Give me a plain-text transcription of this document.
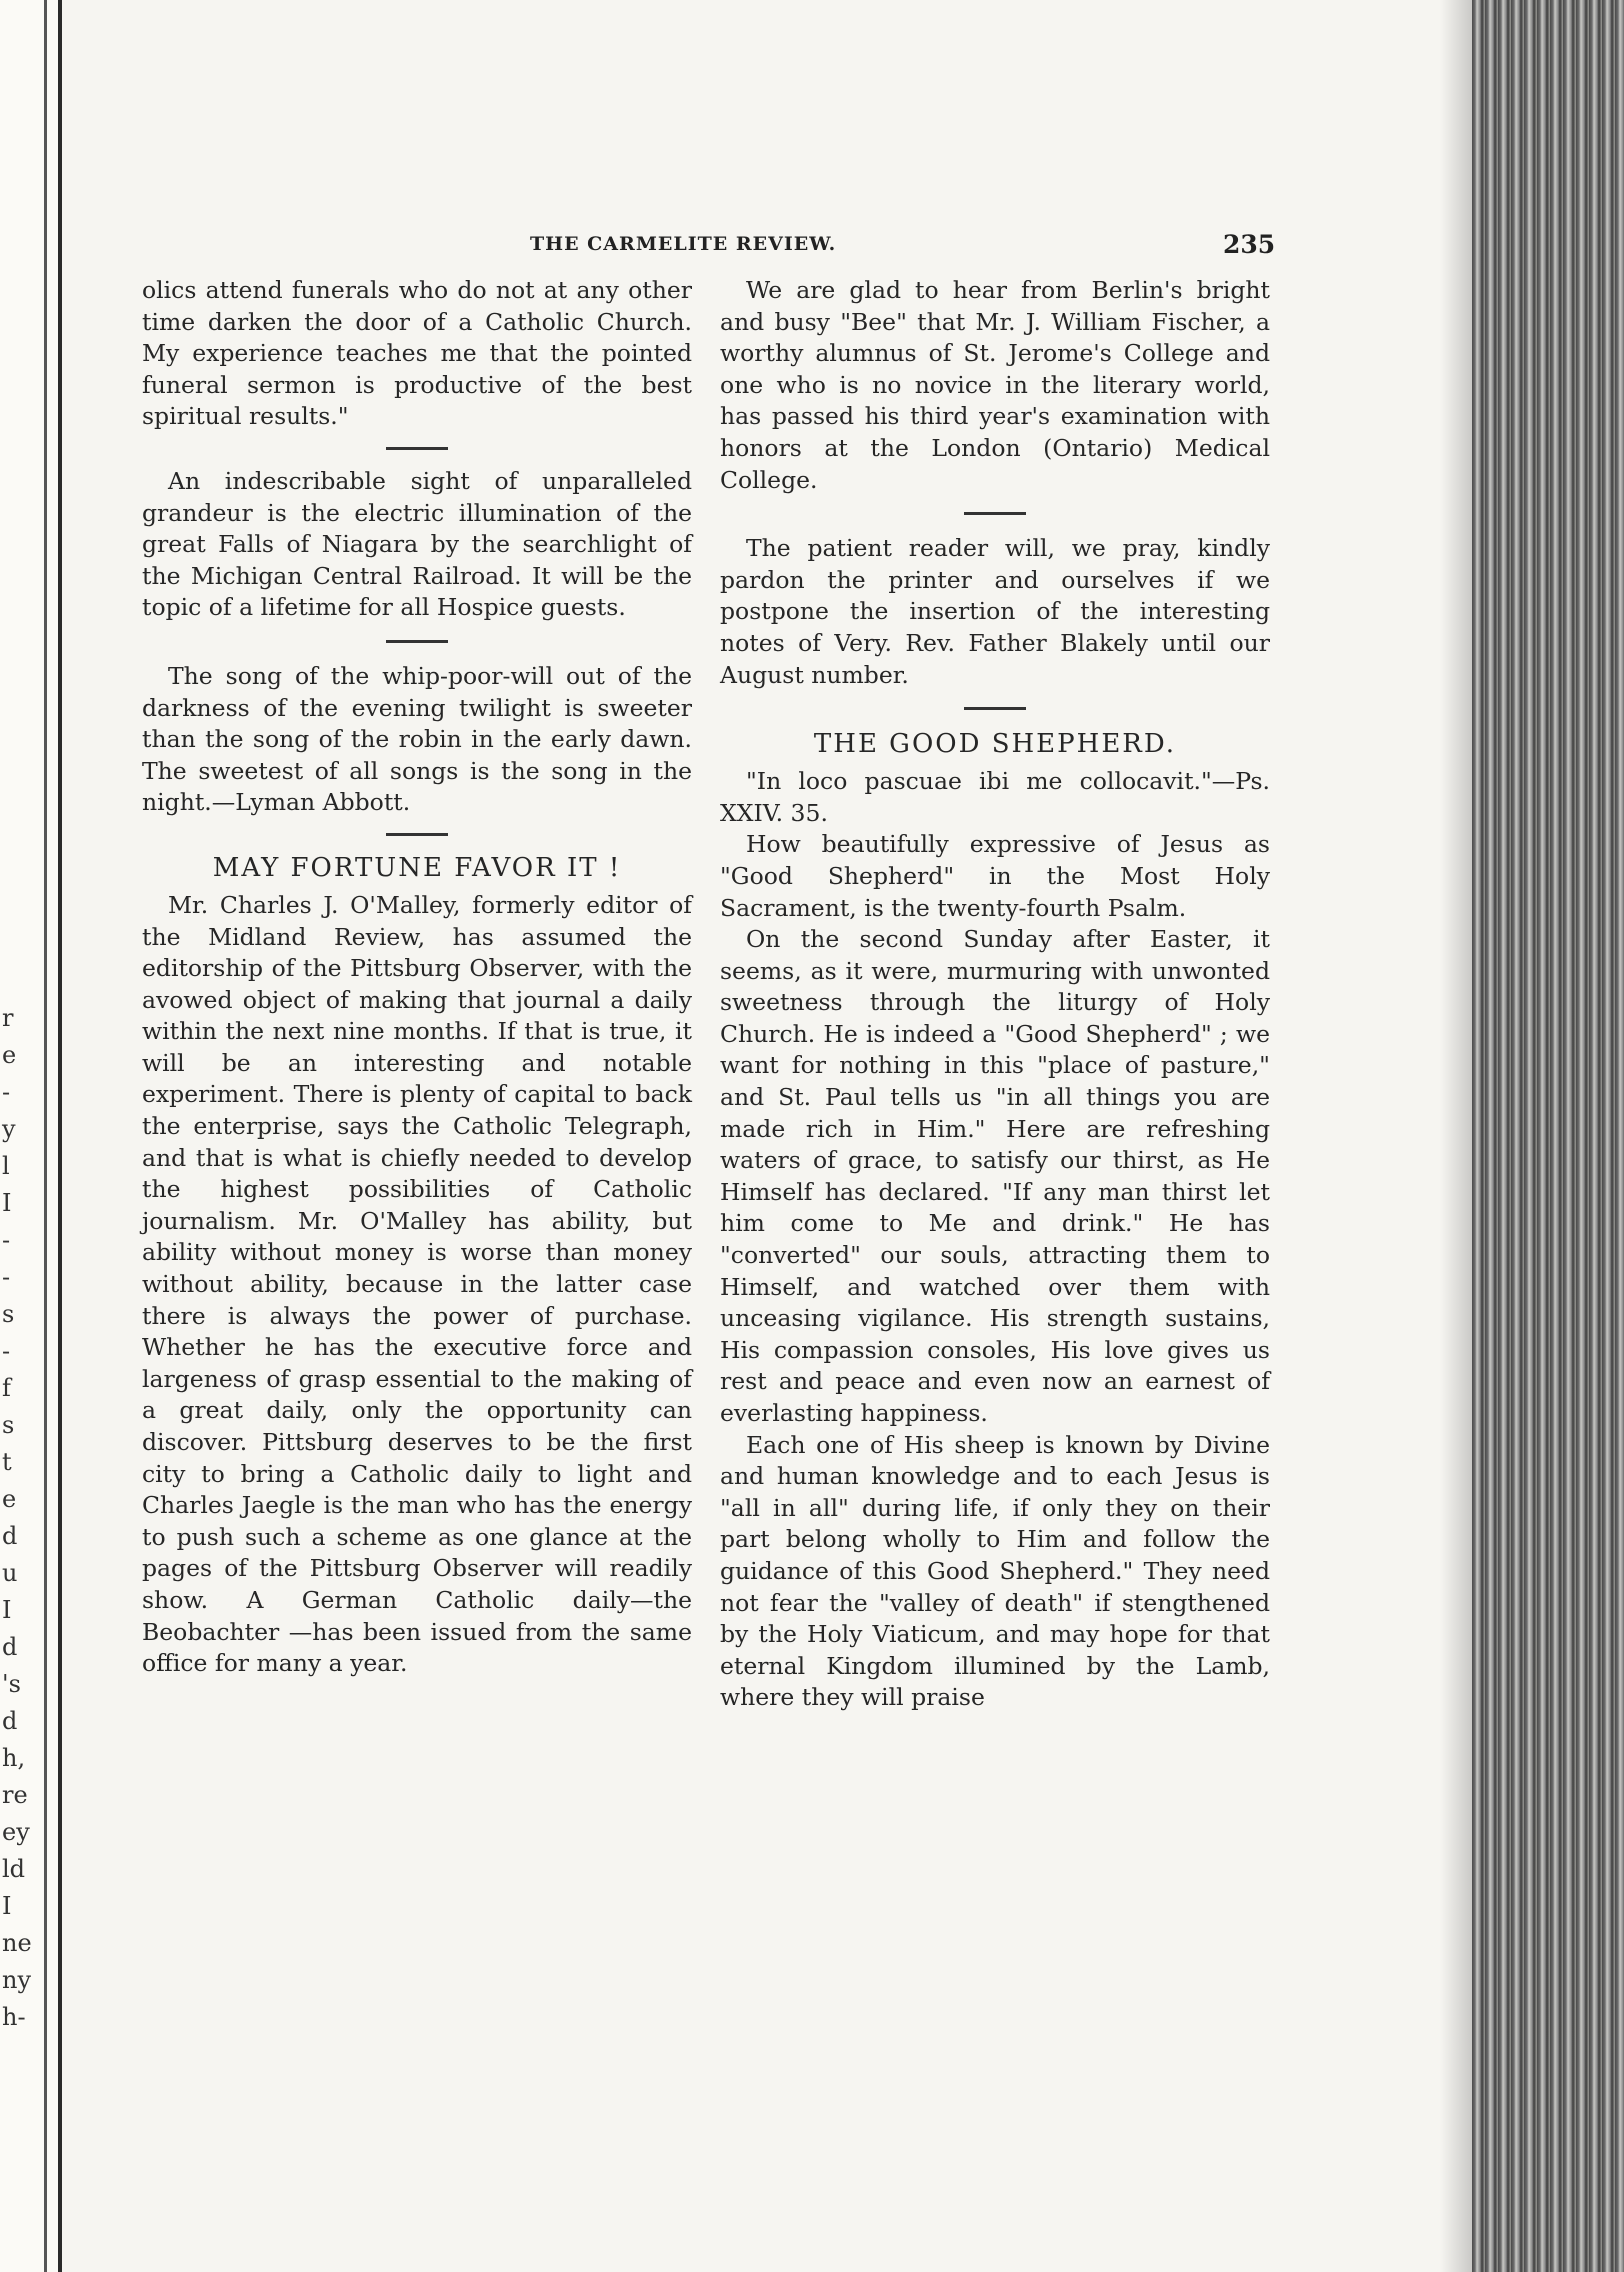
r
e
-
y
l
I
-
-
s
-
f
s
t
e
d
u
I
d
's
d
h,
re
ey
ld
I
ne
ny
h-
THE CARMELITE REVIEW.	235

olics attend funerals who do not at any other time darken the door of a Catholic Church. My experience teaches me that the pointed funeral sermon is productive of the best spiritual results."

An indescribable sight of unparalleled grandeur is the electric illumination of the great Falls of Niagara by the searchlight of the Michigan Central Railroad. It will be the topic of a lifetime for all Hospice guests.

The song of the whip-poor-will out of the darkness of the evening twilight is sweeter than the song of the robin in the early dawn. The sweetest of all songs is the song in the night.—Lyman Abbott.

MAY FORTUNE FAVOR IT !

Mr. Charles J. O'Malley, formerly editor of the Midland Review, has assumed the editorship of the Pittsburg Observer, with the avowed object of making that journal a daily within the next nine months. If that is true, it will be an interesting and notable experiment. There is plenty of capital to back the enterprise, says the Catholic Telegraph, and that is what is chiefly needed to develop the highest possibilities of Catholic journalism. Mr. O'Malley has ability, but ability without money is worse than money without ability, because in the latter case there is always the power of purchase. Whether he has the executive force and largeness of grasp essential to the making of a great daily, only the opportunity can discover. Pittsburg deserves to be the first city to bring a Catholic daily to light and Charles Jaegle is the man who has the energy to push such a scheme as one glance at the pages of the Pittsburg Observer will readily show. A German Catholic daily—the Beobachter —has been issued from the same office for many a year.

We are glad to hear from Berlin's bright and busy "Bee" that Mr. J. William Fischer, a worthy alumnus of St. Jerome's College and one who is no novice in the literary world, has passed his third year's examination with honors at the London (Ontario) Medical College.

The patient reader will, we pray, kindly pardon the printer and ourselves if we postpone the insertion of the interesting notes of Very. Rev. Father Blakely until our August number.

THE GOOD SHEPHERD.

"In loco pascuae ibi me collocavit."—Ps. XXIV. 35.

How beautifully expressive of Jesus as "Good Shepherd" in the Most Holy Sacrament, is the twenty-fourth Psalm.

On the second Sunday after Easter, it seems, as it were, murmuring with unwonted sweetness through the liturgy of Holy Church. He is indeed a "Good Shepherd" ; we want for nothing in this "place of pasture," and St. Paul tells us "in all things you are made rich in Him." Here are refreshing waters of grace, to satisfy our thirst, as He Himself has declared. "If any man thirst let him come to Me and drink." He has "converted" our souls, attracting them to Himself, and watched over them with unceasing vigilance. His strength sustains, His compassion consoles, His love gives us rest and peace and even now an earnest of everlasting happiness.

Each one of His sheep is known by Divine and human knowledge and to each Jesus is "all in all" during life, if only they on their part belong wholly to Him and follow the guidance of this Good Shepherd." They need not fear the "valley of death" if stengthened by the Holy Viaticum, and may hope for that eternal Kingdom illumined by the Lamb, where they will praise
